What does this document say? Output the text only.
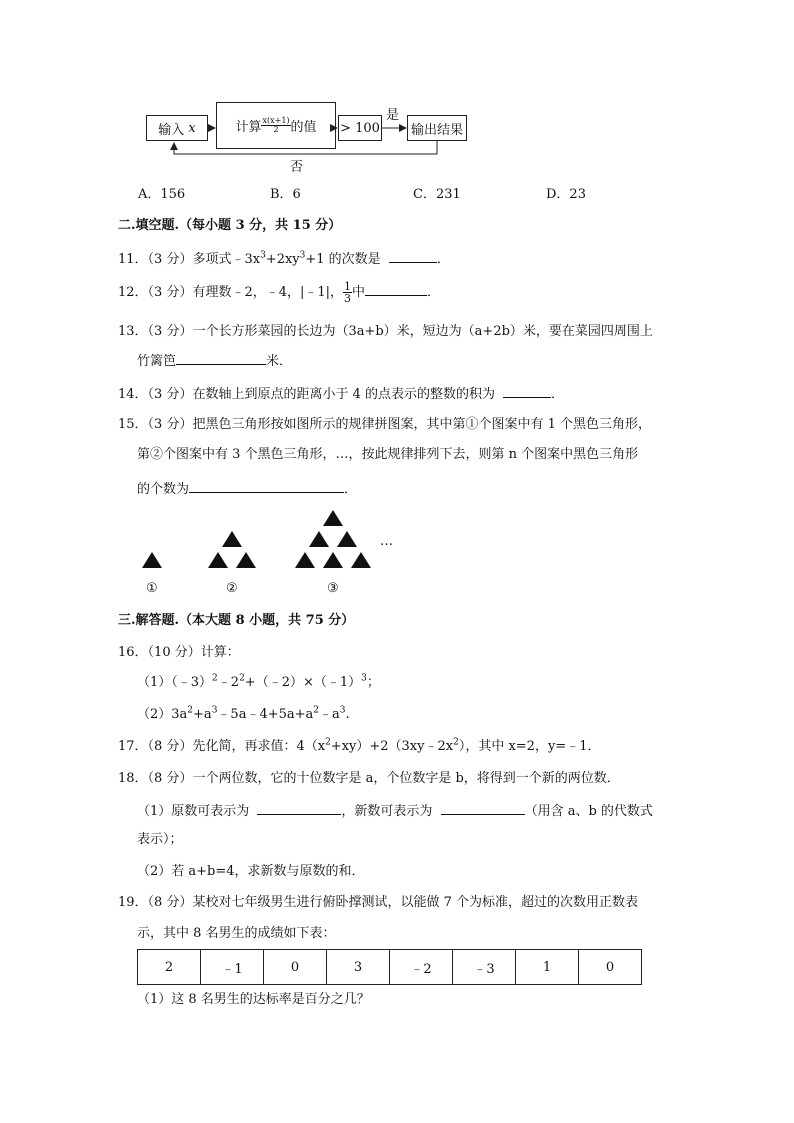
输入
x	计算 $\frac{x(x+1)}{2}$ 的值 > 100 输出结果
是
否
A．156	B．6	C．231	D．23
二.填空题.（每小题 3 分，共 15 分）
11．（3 分）多项式$﹣3x^3+2xy^3+1$ 的次数是	．
12．（3 分）有理数﹣2，﹣4，|﹣1|， $\frac{1}{3}$ 中	．
13．（3 分）一个长方形菜园的长边为（3a+b）米，短边为（a+2b）米，要在菜园四周围上
竹篱笆	米．
14．（3 分）在数轴上到原点的距离小于 4 的点表示的整数的积为	．
15．（3 分）把黑色三角形按如图所示的规律拼图案，其中第①个图案中有 1 个黑色三角形，
第②个图案中有 3 个黑色三角形，…，按此规律排列下去，则第 n 个图案中黑色三角形
的个数为	．
…
①	②	③
三.解答题.（本大题 8 小题，共 75 分）
16．（10 分）计算：
$(1)(﹣3)^2﹣2^2+(﹣2)\times(﹣1)^3$；
$(2)3a^2+a^3﹣5a﹣4+5a+a^2﹣a^3$.
17．（8 分）先化简，再求值：$4(x^2+xy)+2(3xy﹣2x^2)$，其中 x=2，y=﹣1．
18．（8 分）一个两位数，它的十位数字是 a，个位数字是 b，将得到一个新的两位数．
（1）原数可表示为	，新数可表示为	（用含 a、b 的代数式
表示）；
（2）若 a+b=4，求新数与原数的和．
19．（8 分）某校对七年级男生进行俯卧撑测试，以能做 7 个为标准，超过的次数用正数表
示，其中 8 名男生的成绩如下表：
2	﹣1	0	3	﹣2	﹣3	1	0
（1）这 8 名男生的达标率是百分之几？
